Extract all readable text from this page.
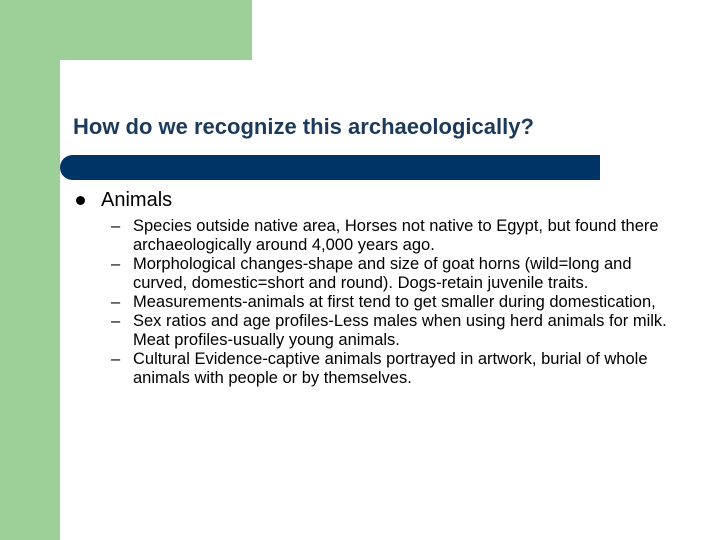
How do we recognize this archaeologically?
Animals
– Species outside native area, Horses not native to Egypt, but found there archaeologically around 4,000 years ago.
– Morphological changes-shape and size of goat horns (wild=long and curved, domestic=short and round). Dogs-retain juvenile traits.
– Measurements-animals at first tend to get smaller during domestication,
– Sex ratios and age profiles-Less males when using herd animals for milk. Meat profiles-usually young animals.
– Cultural Evidence-captive animals portrayed in artwork, burial of whole animals with people or by themselves.
